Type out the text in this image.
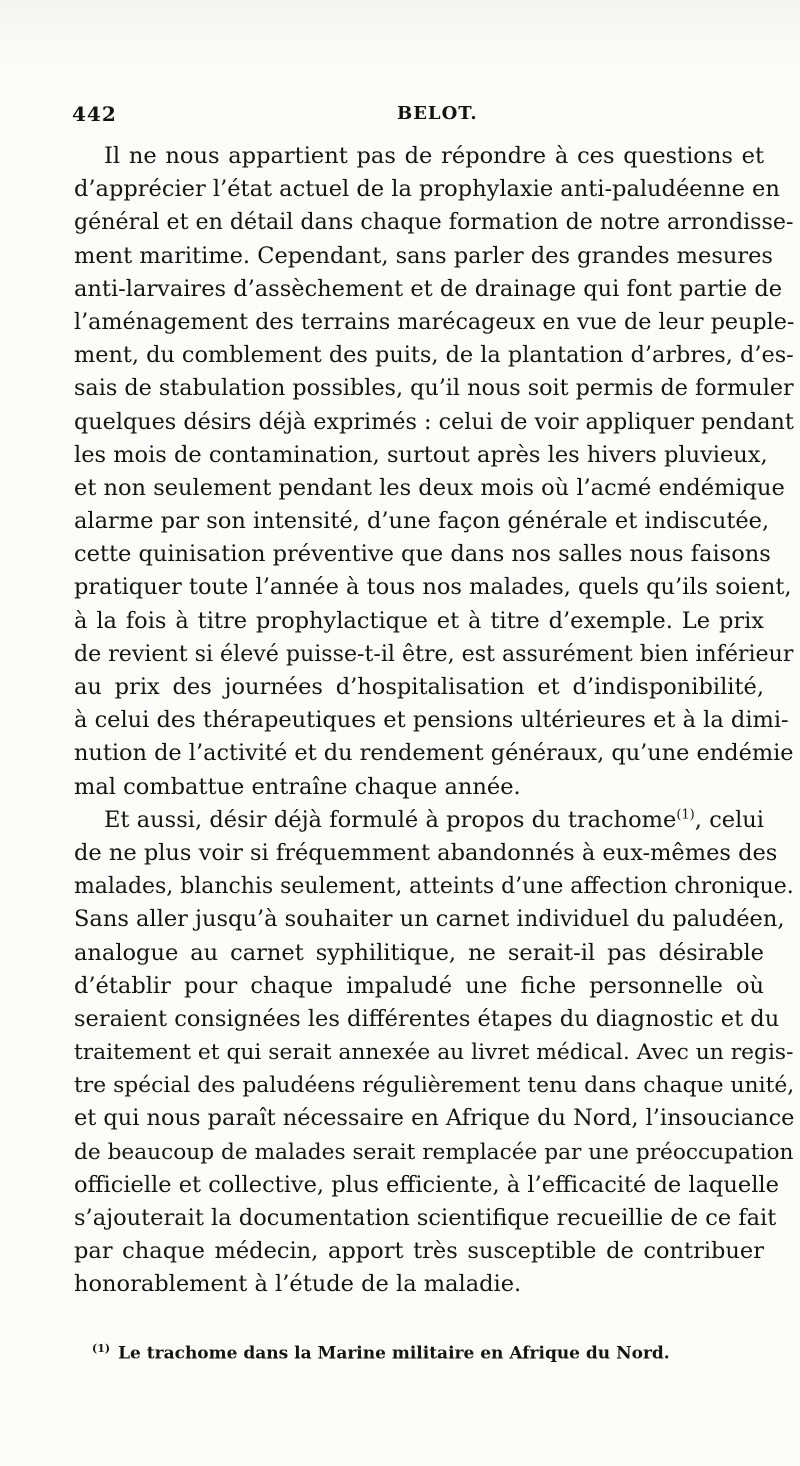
442	BELOT.
Il ne nous appartient pas de répondre à ces questions et
d’apprécier l’état actuel de la prophylaxie anti-paludéenne en
général et en détail dans chaque formation de notre arrondisse-
ment maritime. Cependant, sans parler des grandes mesures
anti-larvaires d’assèchement et de drainage qui font partie de
l’aménagement des terrains marécageux en vue de leur peuple-
ment, du comblement des puits, de la plantation d’arbres, d’es-
sais de stabulation possibles, qu’il nous soit permis de formuler
quelques désirs déjà exprimés : celui de voir appliquer pendant
les mois de contamination, surtout après les hivers pluvieux,
et non seulement pendant les deux mois où l’acmé endémique
alarme par son intensité, d’une façon générale et indiscutée,
cette quinisation préventive que dans nos salles nous faisons
pratiquer toute l’année à tous nos malades, quels qu’ils soient,
à la fois à titre prophylactique et à titre d’exemple. Le prix
de revient si élevé puisse-t-il être, est assurément bien inférieur
au prix des journées d’hospitalisation et d’indisponibilité,
à celui des thérapeutiques et pensions ultérieures et à la dimi-
nution de l’activité et du rendement généraux, qu’une endémie
mal combattue entraîne chaque année.
Et aussi, désir déjà formulé à propos du trachome$^{(1)}$, celui
de ne plus voir si fréquemment abandonnés à eux-mêmes des
malades, blanchis seulement, atteints d’une affection chronique.
Sans aller jusqu’à souhaiter un carnet individuel du paludéen,
analogue au carnet syphilitique, ne serait-il pas désirable
d’établir pour chaque impaludé une fiche personnelle où
seraient consignées les différentes étapes du diagnostic et du
traitement et qui serait annexée au livret médical. Avec un regis-
tre spécial des paludéens régulièrement tenu dans chaque unité,
et qui nous paraît nécessaire en Afrique du Nord, l’insouciance
de beaucoup de malades serait remplacée par une préoccupation
officielle et collective, plus efficiente, à l’efficacité de laquelle
s’ajouterait la documentation scientifique recueillie de ce fait
par chaque médecin, apport très susceptible de contribuer
honorablement à l’étude de la maladie.
$^{(1)}$ Le trachome dans la Marine militaire en Afrique du Nord.
